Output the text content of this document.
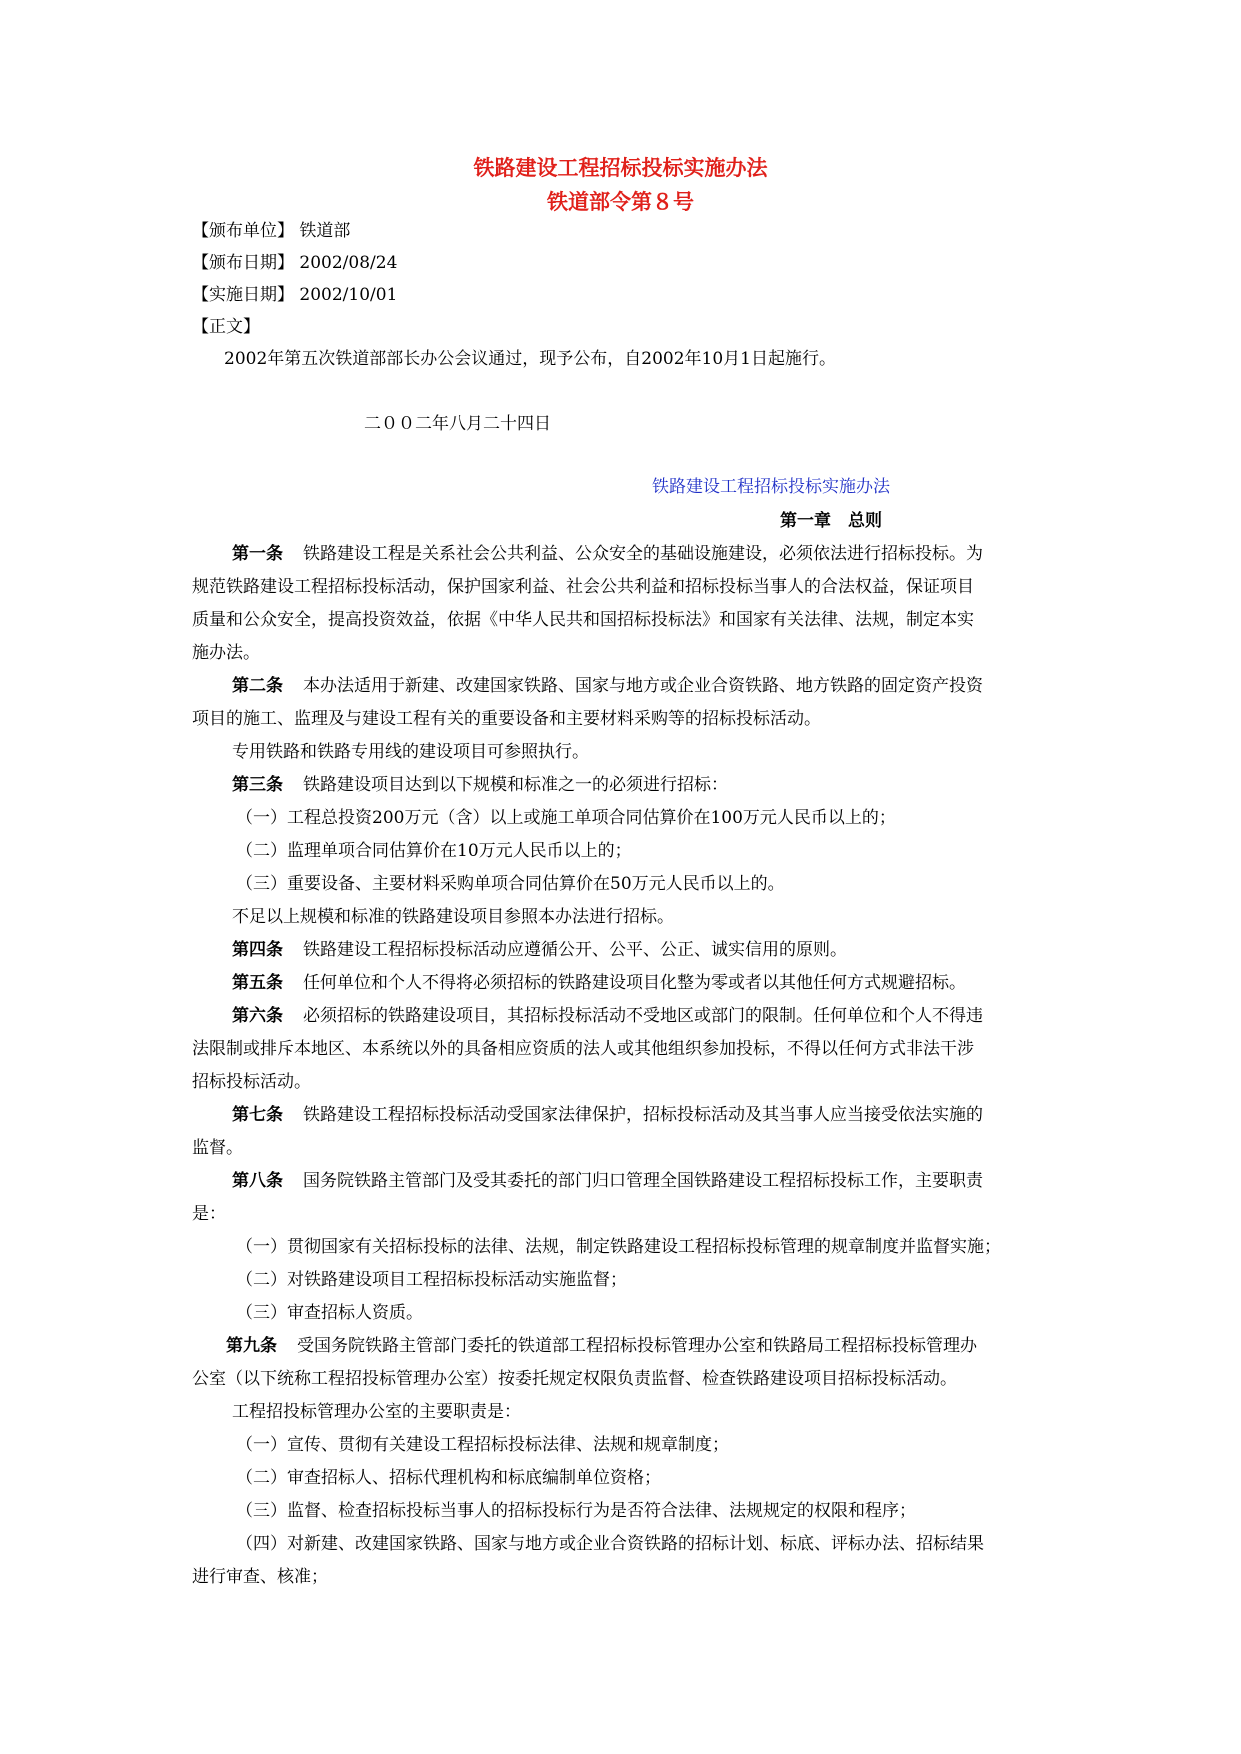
铁路建设工程招标投标实施办法
铁道部令第８号
【颁布单位】 铁道部
【颁布日期】 2002/08/24
【实施日期】 2002/10/01
【正文】
2002年第五次铁道部部长办公会议通过，现予公布，自2002年10月1日起施行。
二００二年八月二十四日
铁路建设工程招标投标实施办法
第一章　总则
第一条 铁路建设工程是关系社会公共利益、公众安全的基础设施建设，必须依法进行招标投标。为
规范铁路建设工程招标投标活动，保护国家利益、社会公共利益和招标投标当事人的合法权益，保证项目
质量和公众安全，提高投资效益，依据《中华人民共和国招标投标法》和国家有关法律、法规，制定本实
施办法。
第二条 本办法适用于新建、改建国家铁路、国家与地方或企业合资铁路、地方铁路的固定资产投资
项目的施工、监理及与建设工程有关的重要设备和主要材料采购等的招标投标活动。
专用铁路和铁路专用线的建设项目可参照执行。
第三条 铁路建设项目达到以下规模和标准之一的必须进行招标：
（一）工程总投资200万元（含）以上或施工单项合同估算价在100万元人民币以上的；
（二）监理单项合同估算价在10万元人民币以上的；
（三）重要设备、主要材料采购单项合同估算价在50万元人民币以上的。
不足以上规模和标准的铁路建设项目参照本办法进行招标。
第四条 铁路建设工程招标投标活动应遵循公开、公平、公正、诚实信用的原则。
第五条 任何单位和个人不得将必须招标的铁路建设项目化整为零或者以其他任何方式规避招标。
第六条 必须招标的铁路建设项目，其招标投标活动不受地区或部门的限制。任何单位和个人不得违
法限制或排斥本地区、本系统以外的具备相应资质的法人或其他组织参加投标，不得以任何方式非法干涉
招标投标活动。
第七条 铁路建设工程招标投标活动受国家法律保护，招标投标活动及其当事人应当接受依法实施的
监督。
第八条 国务院铁路主管部门及受其委托的部门归口管理全国铁路建设工程招标投标工作，主要职责
是：
（一）贯彻国家有关招标投标的法律、法规，制定铁路建设工程招标投标管理的规章制度并监督实施；
（二）对铁路建设项目工程招标投标活动实施监督；
（三）审查招标人资质。
第九条 受国务院铁路主管部门委托的铁道部工程招标投标管理办公室和铁路局工程招标投标管理办
公室（以下统称工程招投标管理办公室）按委托规定权限负责监督、检查铁路建设项目招标投标活动。
工程招投标管理办公室的主要职责是：
（一）宣传、贯彻有关建设工程招标投标法律、法规和规章制度；
（二）审查招标人、招标代理机构和标底编制单位资格；
（三）监督、检查招标投标当事人的招标投标行为是否符合法律、法规规定的权限和程序；
（四）对新建、改建国家铁路、国家与地方或企业合资铁路的招标计划、标底、评标办法、招标结果
进行审查、核准；
